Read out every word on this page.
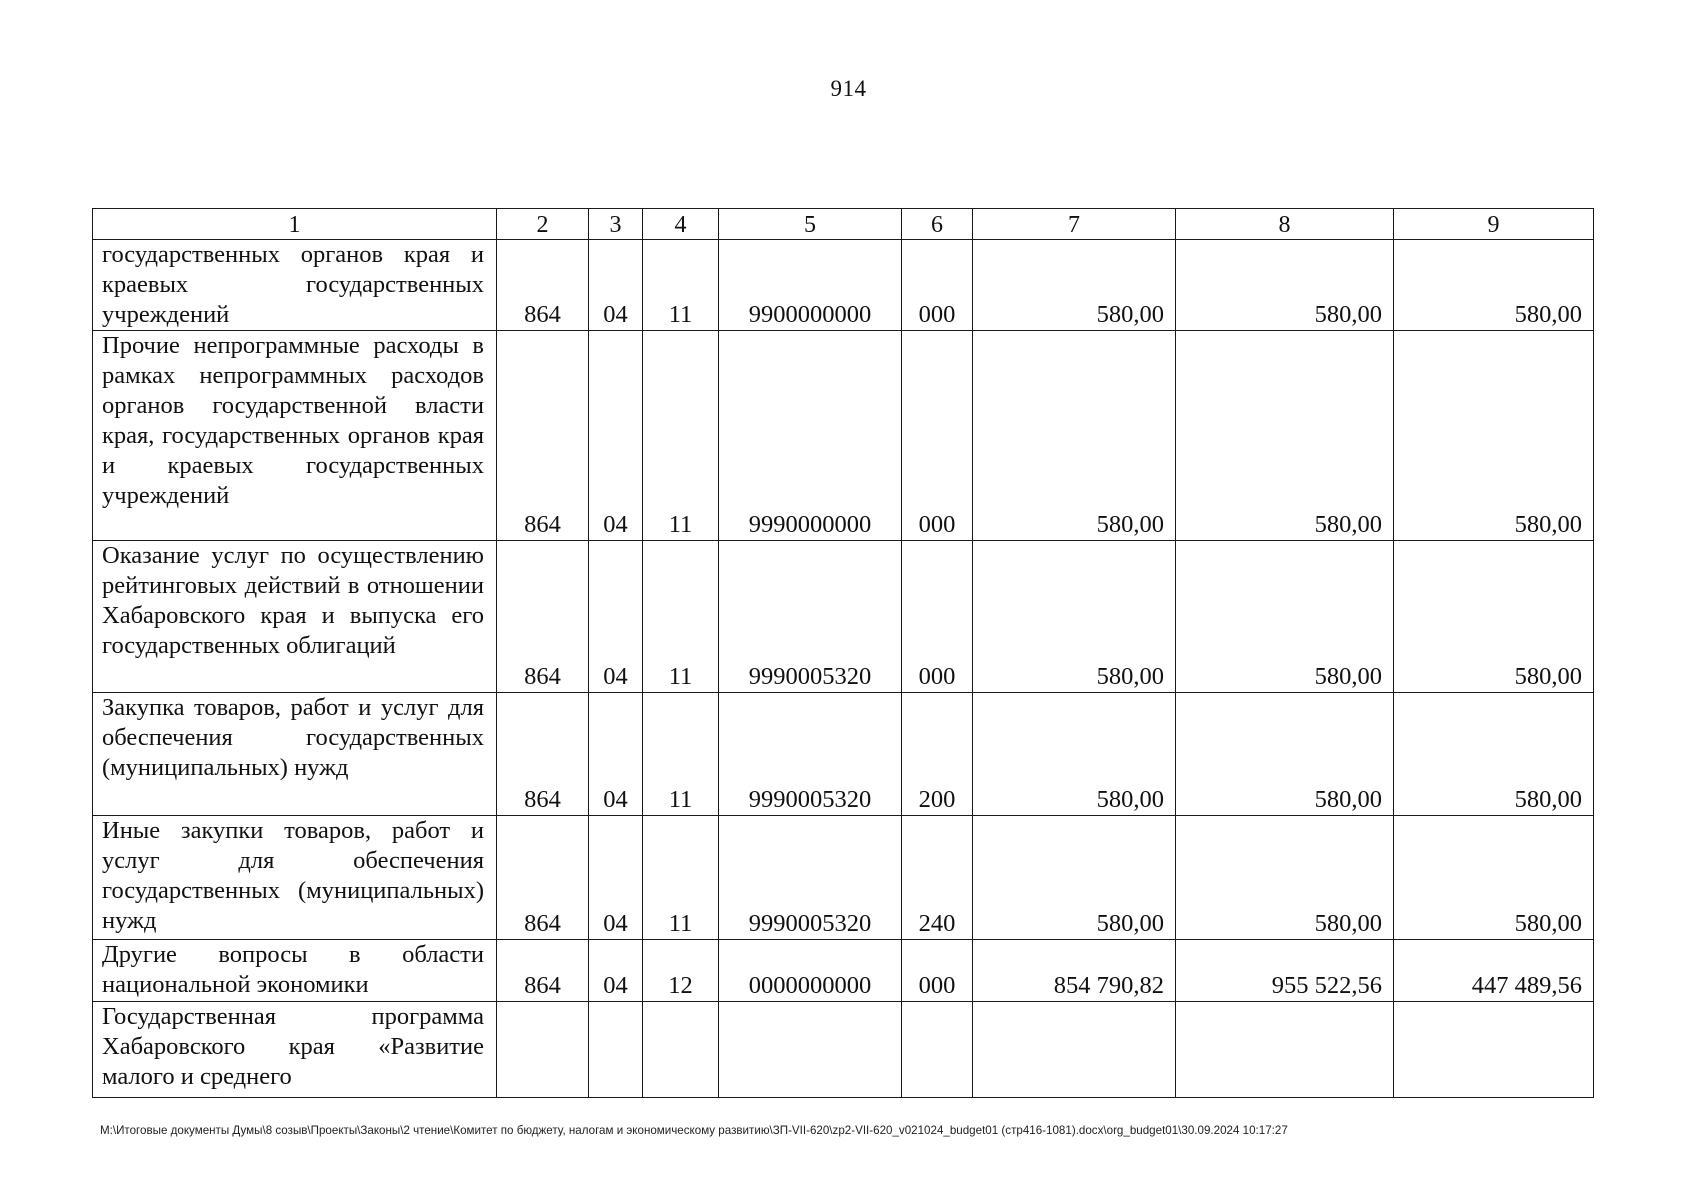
914
1	2	3	4	5	6	7	8	9
государственных органов края и краевых государственных учреждений	864	04	11	9900000000	000	580,00	580,00	580,00
Прочие непрограммные расходы в рамках непрограммных расходов органов государственной власти края, государственных органов края и краевых государственных учреждений	864	04	11	9990000000	000	580,00	580,00	580,00
Оказание услуг по осуществлению рейтинговых действий в отношении Хабаровского края и выпуска его государственных облигаций	864	04	11	9990005320	000	580,00	580,00	580,00
Закупка товаров, работ и услуг для обеспечения государственных (муниципальных) нужд	864	04	11	9990005320	200	580,00	580,00	580,00
Иные закупки товаров, работ и услуг для обеспечения государственных (муниципальных) нужд	864	04	11	9990005320	240	580,00	580,00	580,00
Другие вопросы в области национальной экономики	864	04	12	0000000000	000	854 790,82	955 522,56	447 489,56
Государственная программа Хабаровского края «Развитие малого и среднего								
M:\Итоговые документы Думы\8 созыв\Проекты\Законы\2 чтение\Комитет по бюджету, налогам и экономическому развитию\ЗП-VII-620\zp2-VII-620_v021024_budget01 (стр416-1081).docx\org_budget01\30.09.2024 10:17:27
